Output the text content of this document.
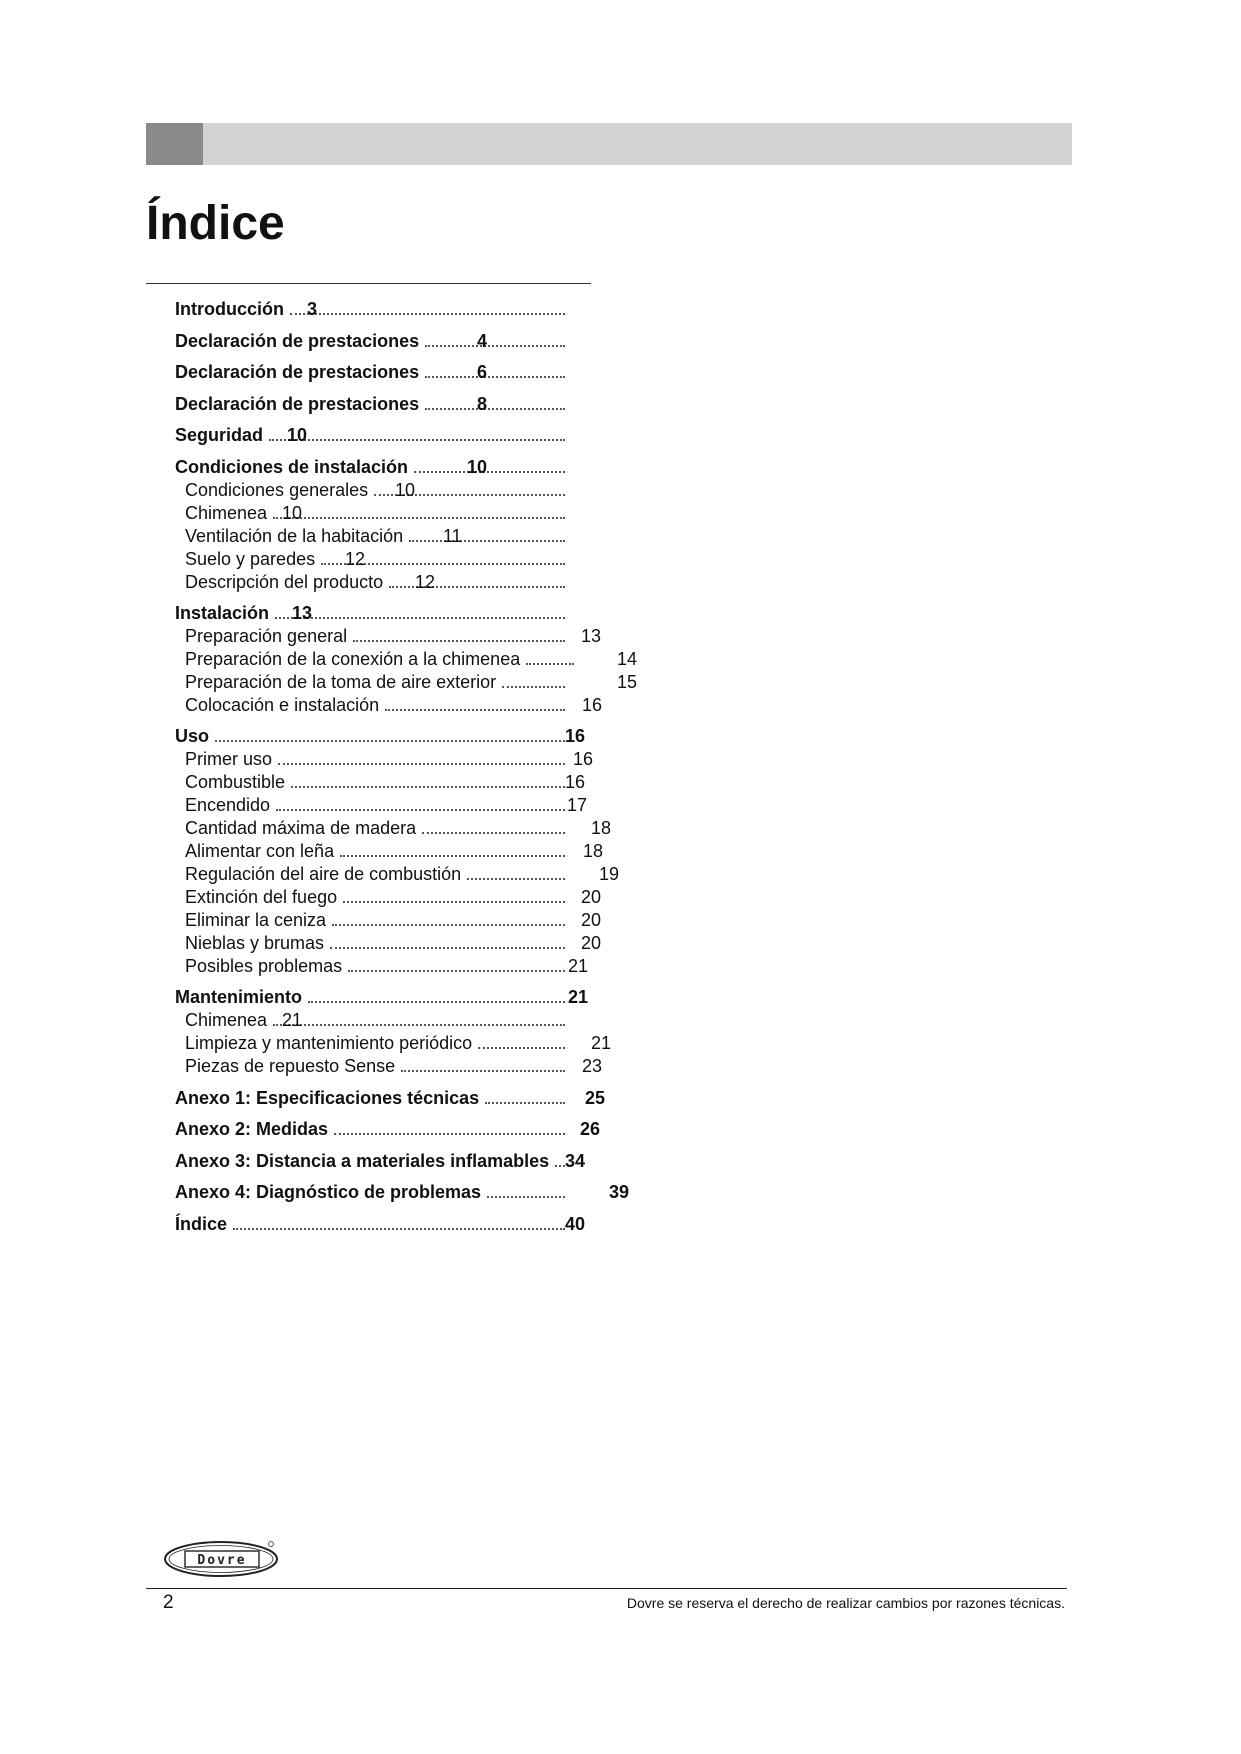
Índice
Introducción 3
Declaración de prestaciones	4
Declaración de prestaciones	6
Declaración de prestaciones	8
Seguridad 10
Condiciones de instalación	10
Condiciones generales 10
Chimenea 10
Ventilación de la habitación 11
Suelo y paredes 12
Descripción del producto 12
Instalación 13
Preparación general	13
Preparación de la conexión a la chimenea	14
Preparación de la toma de aire exterior	15
Colocación e instalación	16
Uso	16
Primer uso	16
Combustible	16
Encendido	17
Cantidad máxima de madera	18
Alimentar con leña	18
Regulación del aire de combustión	19
Extinción del fuego	20
Eliminar la ceniza	20
Nieblas y brumas	20
Posibles problemas	21
Mantenimiento	21
Chimenea 21
Limpieza y mantenimiento periódico	21
Piezas de repuesto Sense	23
Anexo 1: Especificaciones técnicas	25
Anexo 2: Medidas	26
Anexo 3: Distancia a materiales inflamables 34
Anexo 4: Diagnóstico de problemas	39
Índice	40
Dovre
2	Dovre se reserva el derecho de realizar cambios por razones técnicas.
